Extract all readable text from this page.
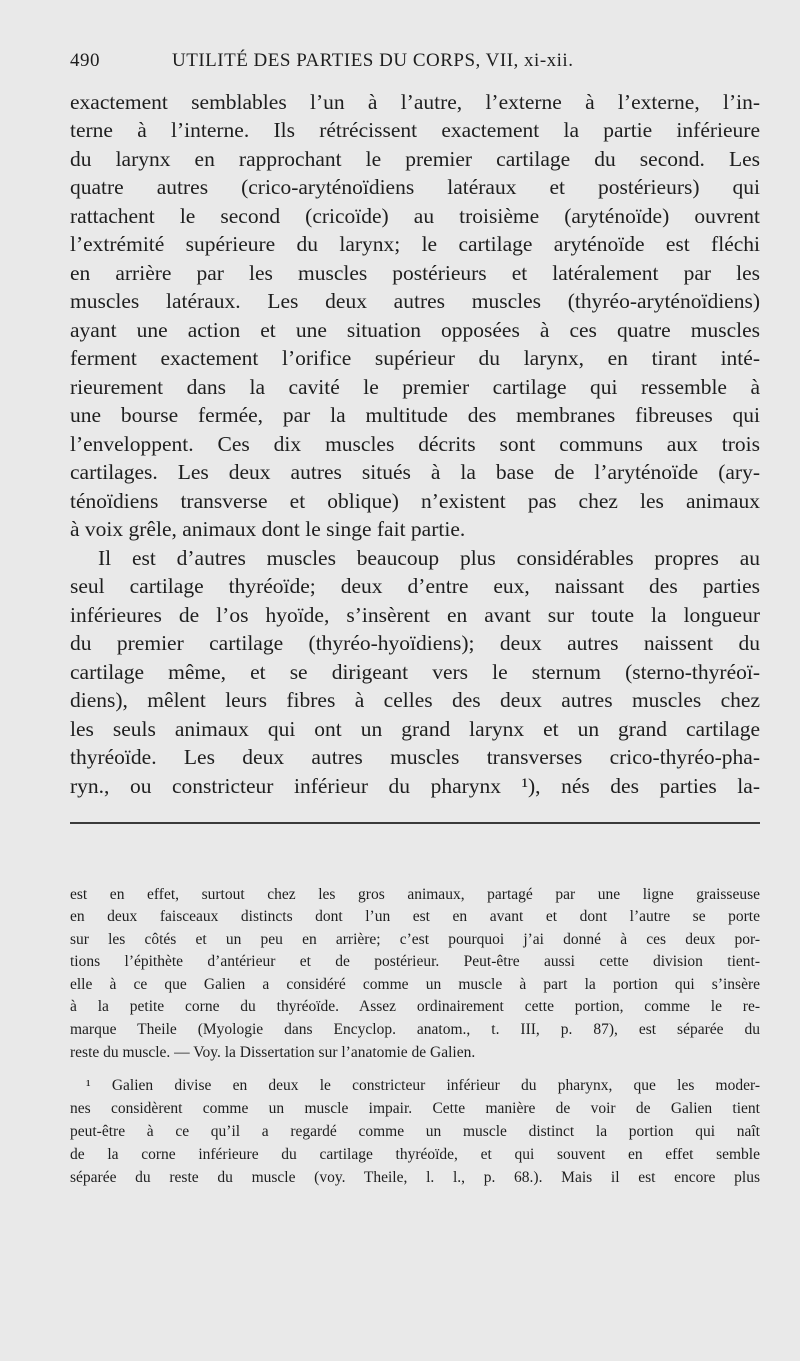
490	UTILITÉ DES PARTIES DU CORPS, VII, xi-xii.
exactement semblables l’un à l’autre, l’externe à l’externe, l’in-
terne à l’interne. Ils rétrécissent exactement la partie inférieure
du larynx en rapprochant le premier cartilage du second. Les
quatre autres (crico-aryténoïdiens latéraux et postérieurs) qui
rattachent le second (cricoïde) au troisième (aryténoïde) ouvrent
l’extrémité supérieure du larynx; le cartilage aryténoïde est fléchi
en arrière par les muscles postérieurs et latéralement par les
muscles latéraux. Les deux autres muscles (thyréo-aryténoïdiens)
ayant une action et une situation opposées à ces quatre muscles
ferment exactement l’orifice supérieur du larynx, en tirant inté-
rieurement dans la cavité le premier cartilage qui ressemble à
une bourse fermée, par la multitude des membranes fibreuses qui
l’enveloppent. Ces dix muscles décrits sont communs aux trois
cartilages. Les deux autres situés à la base de l’aryténoïde (ary-
ténoïdiens transverse et oblique) n’existent pas chez les animaux
à voix grêle, animaux dont le singe fait partie.
Il est d’autres muscles beaucoup plus considérables propres au
seul cartilage thyréoïde; deux d’entre eux, naissant des parties
inférieures de l’os hyoïde, s’insèrent en avant sur toute la longueur
du premier cartilage (thyréo-hyoïdiens); deux autres naissent du
cartilage même, et se dirigeant vers le sternum (sterno-thyréoï-
diens), mêlent leurs fibres à celles des deux autres muscles chez
les seuls animaux qui ont un grand larynx et un grand cartilage
thyréoïde. Les deux autres muscles transverses crico-thyréo-pha-
ryn., ou constricteur inférieur du pharynx ¹), nés des parties la-
est en effet, surtout chez les gros animaux, partagé par une ligne graisseuse
en deux faisceaux distincts dont l’un est en avant et dont l’autre se porte
sur les côtés et un peu en arrière; c’est pourquoi j’ai donné à ces deux por-
tions l’épithète d’antérieur et de postérieur. Peut-être aussi cette division tient-
elle à ce que Galien a considéré comme un muscle à part la portion qui s’insère
à la petite corne du thyréoïde. Assez ordinairement cette portion, comme le re-
marque Theile (Myologie dans Encyclop. anatom., t. III, p. 87), est séparée du
reste du muscle. — Voy. la Dissertation sur l’anatomie de Galien.
¹ Galien divise en deux le constricteur inférieur du pharynx, que les moder-
nes considèrent comme un muscle impair. Cette manière de voir de Galien tient
peut-être à ce qu’il a regardé comme un muscle distinct la portion qui naît
de la corne inférieure du cartilage thyréoïde, et qui souvent en effet semble
séparée du reste du muscle (voy. Theile, l. l., p. 68.). Mais il est encore plus
